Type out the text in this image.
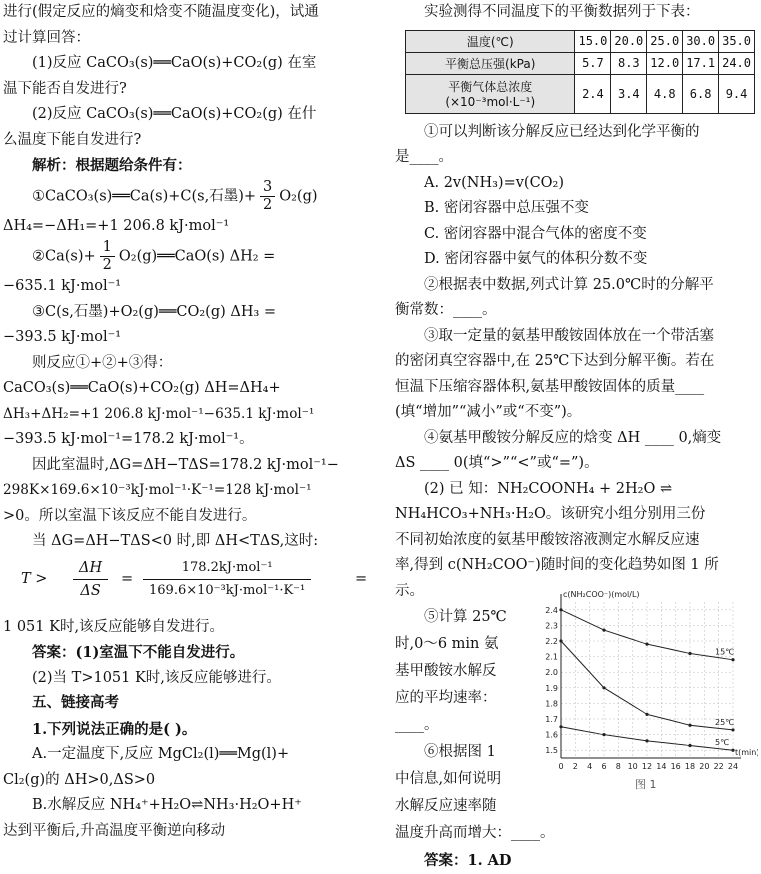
进行(假定反应的熵变和焓变不随温度变化)，试通

过计算回答：

(1)反应 CaCO₃(s)══CaO(s)+CO₂(g) 在室

温下能否自发进行?

(2)反应 CaCO₃(s)══CaO(s)+CO₂(g) 在什

么温度下能自发进行?

解析：根据题给条件有：

①CaCO₃(s)══Ca(s)+C(s,石墨)+ $\frac{3}{2} O_2(g)$

ΔH₄=−ΔH₁=+1 206.8 kJ·mol⁻¹

②Ca(s)+ $\frac{1}{2}$ O₂(g)══CaO(s) ΔH₂ =

−635.1 kJ·mol⁻¹

③C(s,石墨)+O₂(g)══CO₂(g) ΔH₃ =

−393.5 kJ·mol⁻¹

则反应①+②+③得：

CaCO₃(s)══CaO(s)+CO₂(g) ΔH=ΔH₄+

ΔH₃+ΔH₂=+1 206.8 kJ·mol⁻¹−635.1 kJ·mol⁻¹

−393.5 kJ·mol⁻¹=178.2 kJ·mol⁻¹。

因此室温时,ΔG=ΔH−TΔS=178.2 kJ·mol⁻¹−

298K×169.6×10⁻³kJ·mol⁻¹·K⁻¹=128 kJ·mol⁻¹

>0。所以室温下该反应不能自发进行。

当 ΔG=ΔH−TΔS<0 时,即 ΔH<TΔS,这时:

$T > \frac{\Delta H}{\Delta S}$ =
178.2kJ·mol⁻¹
169.6×10⁻³kJ·mol⁻¹·K⁻¹
=

1 051 K时,该反应能够自发进行。

答案：(1)室温下不能自发进行。

(2)当 T>1051 K时,该反应能够进行。

五、链接高考

1.下列说法正确的是( )。

A.一定温度下,反应 MgCl₂(l)══Mg(l)+

Cl₂(g)的 ΔH>0,ΔS>0

B.水解反应 NH₄⁺+H₂O⇌NH₃·H₂O+H⁺

达到平衡后,升高温度平衡逆向移动

实验测得不同温度下的平衡数据列于下表：

温度(℃)	15.0	20.0	25.0	30.0	35.0
平衡总压强(kPa)	5.7	8.3	12.0	17.1	24.0
平衡气体总浓度
(×10⁻³mol·L⁻¹)	2.4	3.4	4.8	6.8	9.4

①可以判断该分解反应已经达到化学平衡的

是____。

A. 2v(NH₃)=v(CO₂)

B. 密闭容器中总压强不变

C. 密闭容器中混合气体的密度不变

D. 密闭容器中氨气的体积分数不变

②根据表中数据,列式计算 25.0℃时的分解平

衡常数：____。

③取一定量的氨基甲酸铵固体放在一个带活塞

的密闭真空容器中,在 25℃下达到分解平衡。若在

恒温下压缩容器体积,氨基甲酸铵固体的质量____

(填“增加”“减小”或“不变”)。

④氨基甲酸铵分解反应的焓变 ΔH ____ 0,熵变

ΔS ____ 0(填“>”“<”或“=”)。

(2) 已 知：NH₂COONH₄ + 2H₂O ⇌

NH₄HCO₃+NH₃·H₂O。该研究小组分别用三份

不同初始浓度的氨基甲酸铵溶液测定水解反应速

率,得到 c(NH₂COO⁻)随时间的变化趋势如图 1 所

示。

⑤计算 25℃

时,0～6 min 氨

基甲酸铵水解反

应的平均速率：

____。

⑥根据图 1

中信息,如何说明

水解反应速率随

温度升高而增大：____。

答案：1. AD

0 2 4 6 8 10 12 14 16 18 20 22 24
1.5
1.6
1.7
1.8
1.9
2.0
2.1
2.2
2.3
2.4
c(NH₂COO⁻)(mol/L)
t(min)
15℃
25℃
5℃
图 1
